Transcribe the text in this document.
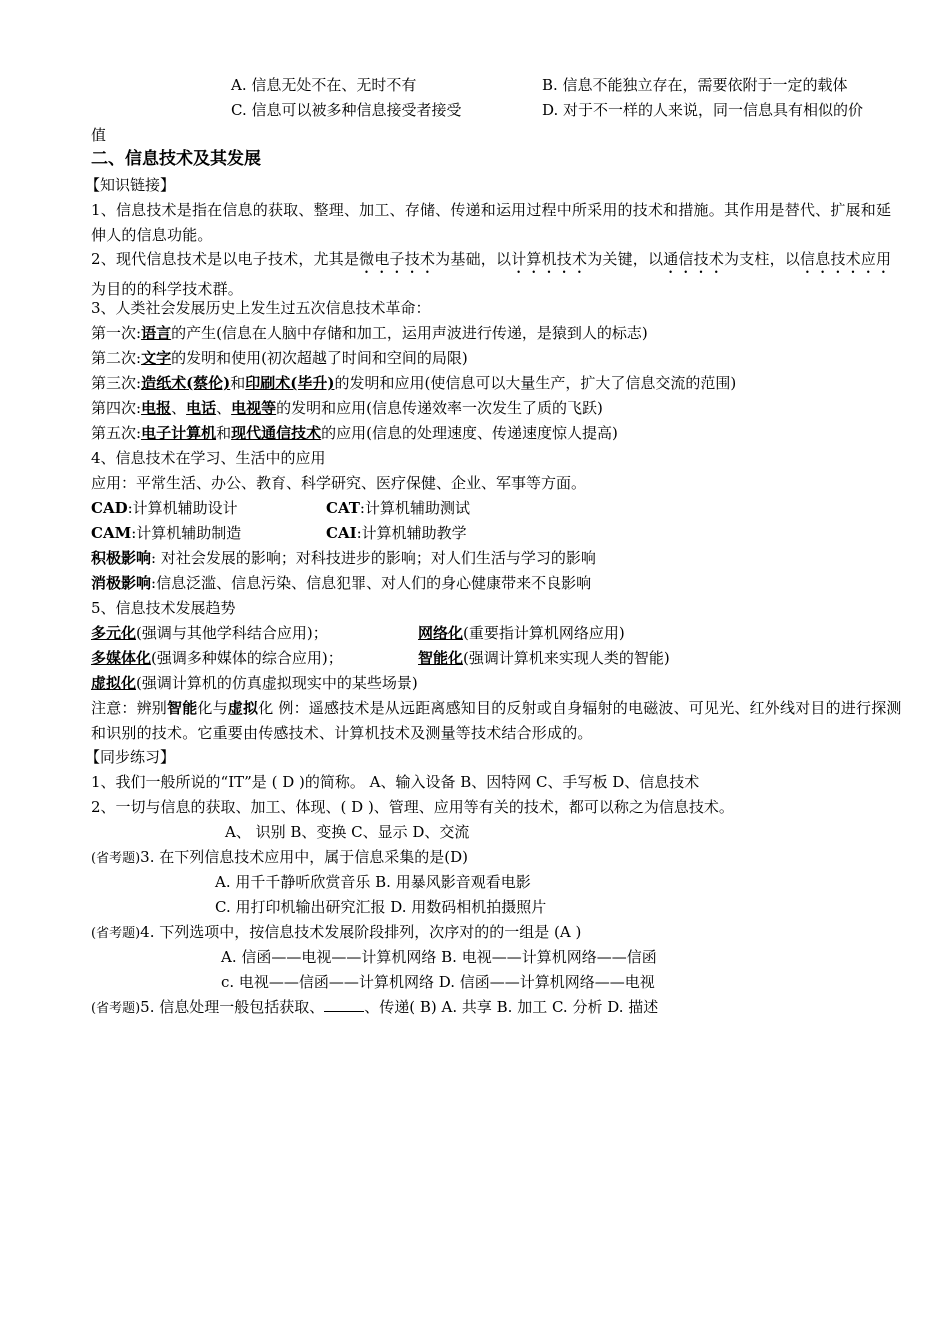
A. 信息无处不在、无时不有	B. 信息不能独立存在，需要依附于一定的载体
C. 信息可以被多种信息接受者接受	D. 对于不一样的人来说，同一信息具有相似的价
值
二、信息技术及其发展
【知识链接】
1、信息技术是指在信息的获取、整理、加工、存储、传递和运用过程中所采用的技术和措施。其作用是替代、扩展和延伸人的信息功能。
2、现代信息技术是以电子技术，尤其是微电子技术为基础，以计算机技术为关键，以通信技术为支柱，以信息技术应用为目的的科学技术群。
3、人类社会发展历史上发生过五次信息技术革命：
第一次:语言的产生(信息在人脑中存储和加工，运用声波进行传递，是猿到人的标志)
第二次:文字的发明和使用(初次超越了时间和空间的局限)
第三次:造纸术(蔡伦)和印刷术(毕升)的发明和应用(使信息可以大量生产，扩大了信息交流的范围)
第四次:电报、电话、电视等的发明和应用(信息传递效率一次发生了质的飞跃)
第五次:电子计算机和现代通信技术的应用(信息的处理速度、传递速度惊人提高)
4、信息技术在学习、生活中的应用
应用：平常生活、办公、教育、科学研究、医疗保健、企业、军事等方面。
CAD:计算机辅助设计	CAT:计算机辅助测试
CAM:计算机辅助制造	CAI:计算机辅助教学
积极影响: 对社会发展的影响；对科技进步的影响；对人们生活与学习的影响
消极影响:信息泛滥、信息污染、信息犯罪、对人们的身心健康带来不良影响
5、信息技术发展趋势
多元化(强调与其他学科结合应用)；	网络化(重要指计算机网络应用)
多媒体化(强调多种媒体的综合应用)；	智能化(强调计算机来实现人类的智能)
虚拟化(强调计算机的仿真虚拟现实中的某些场景)
注意：辨别智能化与虚拟化 例：遥感技术是从远距离感知目的反射或自身辐射的电磁波、可见光、红外线对目的进行探测和识别的技术。它重要由传感技术、计算机技术及测量等技术结合形成的。
【同步练习】
1、我们一般所说的“IT”是 ( D )的简称。 A、输入设备 B、因特网 C、手写板 D、信息技术
2、一切与信息的获取、加工、体现、( D )、管理、应用等有关的技术，都可以称之为信息技术。
A、 识别 B、变换 C、显示 D、交流
(省考题)3. 在下列信息技术应用中，属于信息采集的是(D)
A. 用千千静听欣赏音乐 B. 用暴风影音观看电影
C. 用打印机输出研究汇报 D. 用数码相机拍摄照片
(省考题)4. 下列选项中，按信息技术发展阶段排列，次序对的的一组是 (A )
A. 信函——电视——计算机网络 B. 电视——计算机网络——信函
c. 电视——信函——计算机网络 D. 信函——计算机网络——电视
(省考题)5. 信息处理一般包括获取、	、传递( B) A. 共享 B. 加工 C. 分析 D. 描述
